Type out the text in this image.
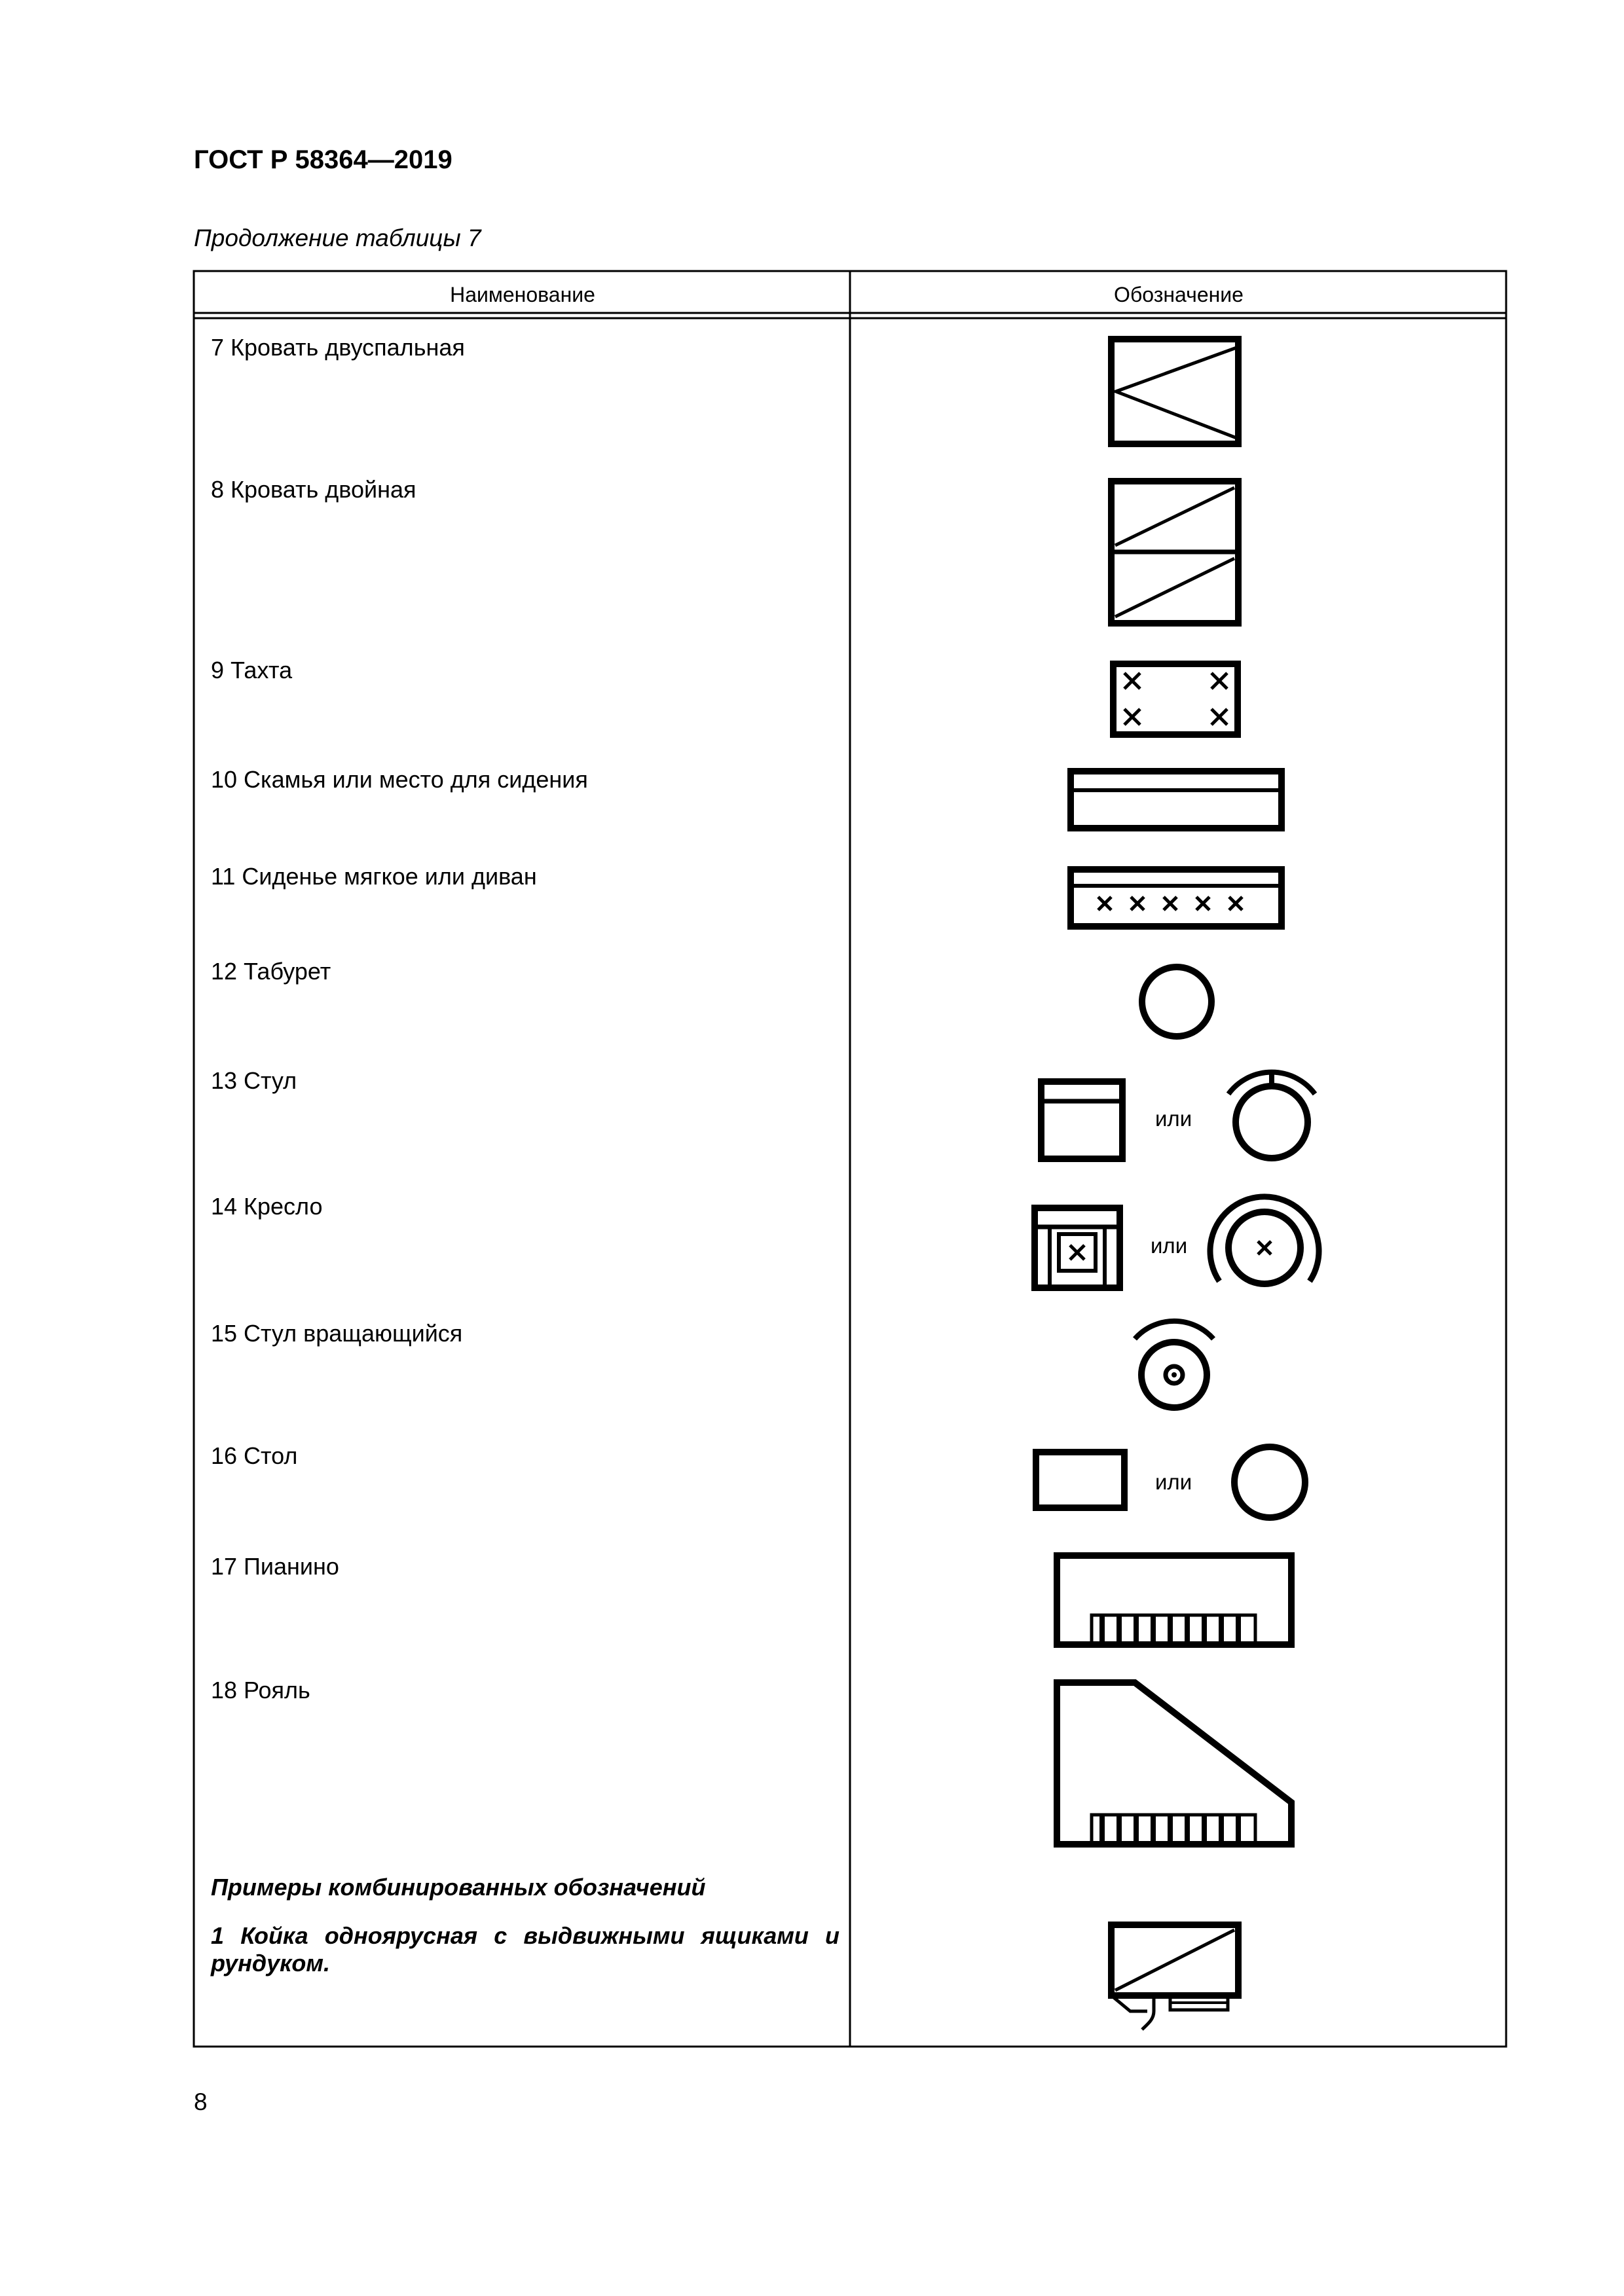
ГОСТ Р 58364—2019
Продолжение таблицы 7
Наименование	Обозначение
7 Кровать двуспальная
8 Кровать двойная
9 Тахта
10 Скамья или место для сидения
11 Сиденье мягкое или диван
12 Табурет
13 Стул
14 Кресло
15 Стул вращающийся
16 Стол
17 Пианино
18 Рояль
Примеры комбинированных обозначений
1 Койка одноярусная с выдвижными ящиками и рундуком.
или
или
или
8
